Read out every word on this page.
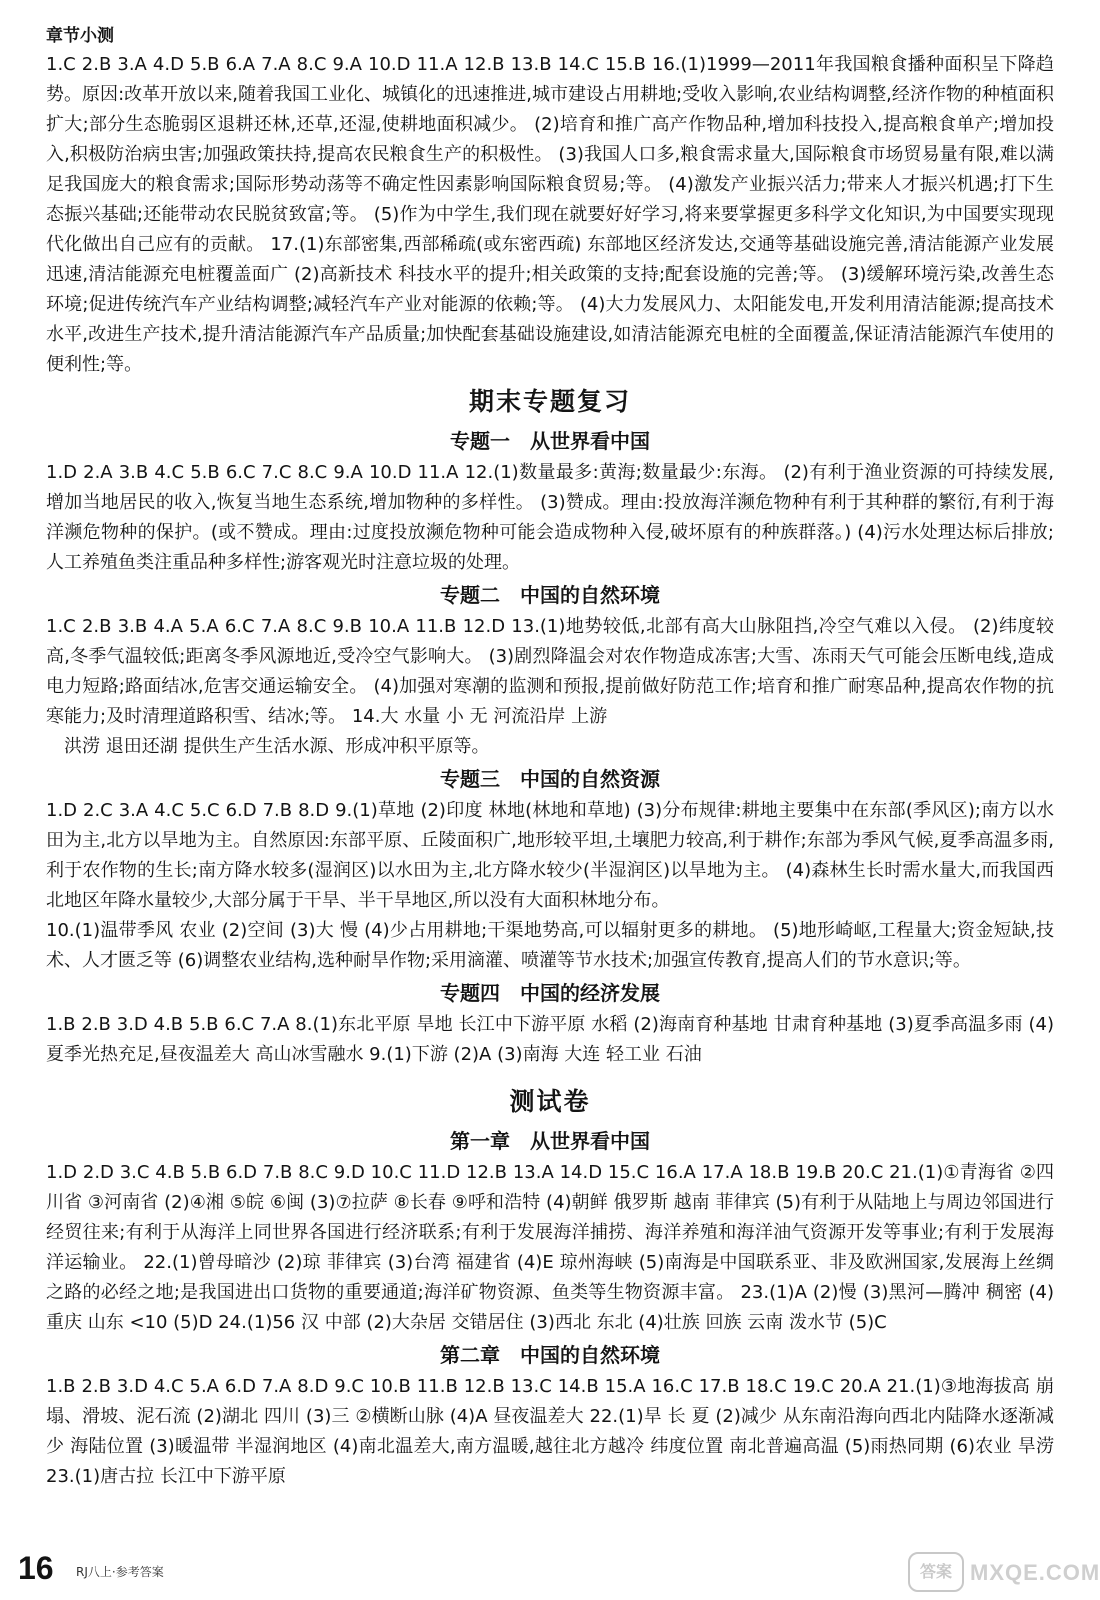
章节小测

1.C 2.B 3.A 4.D 5.B 6.A 7.A 8.C 9.A 10.D 11.A 12.B 13.B 14.C 15.B 16.(1)1999—2011年我国粮食播种面积呈下降趋势。原因:改革开放以来,随着我国工业化、城镇化的迅速推进,城市建设占用耕地;受收入影响,农业结构调整,经济作物的种植面积扩大;部分生态脆弱区退耕还林,还草,还湿,使耕地面积减少。 (2)培育和推广高产作物品种,增加科技投入,提高粮食单产;增加投入,积极防治病虫害;加强政策扶持,提高农民粮食生产的积极性。 (3)我国人口多,粮食需求量大,国际粮食市场贸易量有限,难以满足我国庞大的粮食需求;国际形势动荡等不确定性因素影响国际粮食贸易;等。 (4)激发产业振兴活力;带来人才振兴机遇;打下生态振兴基础;还能带动农民脱贫致富;等。 (5)作为中学生,我们现在就要好好学习,将来要掌握更多科学文化知识,为中国要实现现代化做出自己应有的贡献。 17.(1)东部密集,西部稀疏(或东密西疏) 东部地区经济发达,交通等基础设施完善,清洁能源产业发展迅速,清洁能源充电桩覆盖面广 (2)高新技术 科技水平的提升;相关政策的支持;配套设施的完善;等。 (3)缓解环境污染,改善生态环境;促进传统汽车产业结构调整;减轻汽车产业对能源的依赖;等。 (4)大力发展风力、太阳能发电,开发利用清洁能源;提高技术水平,改进生产技术,提升清洁能源汽车产品质量;加快配套基础设施建设,如清洁能源充电桩的全面覆盖,保证清洁能源汽车使用的便利性;等。

期末专题复习
专题一　从世界看中国

1.D 2.A 3.B 4.C 5.B 6.C 7.C 8.C 9.A 10.D 11.A 12.(1)数量最多:黄海;数量最少:东海。 (2)有利于渔业资源的可持续发展,增加当地居民的收入,恢复当地生态系统,增加物种的多样性。 (3)赞成。理由:投放海洋濒危物种有利于其种群的繁衍,有利于海洋濒危物种的保护。(或不赞成。理由:过度投放濒危物种可能会造成物种入侵,破坏原有的种族群落。) (4)污水处理达标后排放;人工养殖鱼类注重品种多样性;游客观光时注意垃圾的处理。

专题二　中国的自然环境

1.C 2.B 3.B 4.A 5.A 6.C 7.A 8.C 9.B 10.A 11.B 12.D 13.(1)地势较低,北部有高大山脉阻挡,冷空气难以入侵。 (2)纬度较高,冬季气温较低;距离冬季风源地近,受冷空气影响大。 (3)剧烈降温会对农作物造成冻害;大雪、冻雨天气可能会压断电线,造成电力短路;路面结冰,危害交通运输安全。 (4)加强对寒潮的监测和预报,提前做好防范工作;培育和推广耐寒品种,提高农作物的抗寒能力;及时清理道路积雪、结冰;等。 14.大 水量 小 无 河流沿岸 上游

洪涝 退田还湖 提供生产生活水源、形成冲积平原等。

专题三　中国的自然资源

1.D 2.C 3.A 4.C 5.C 6.D 7.B 8.D 9.(1)草地 (2)印度 林地(林地和草地) (3)分布规律:耕地主要集中在东部(季风区);南方以水田为主,北方以旱地为主。自然原因:东部平原、丘陵面积广,地形较平坦,土壤肥力较高,利于耕作;东部为季风气候,夏季高温多雨,利于农作物的生长;南方降水较多(湿润区)以水田为主,北方降水较少(半湿润区)以旱地为主。 (4)森林生长时需水量大,而我国西北地区年降水量较少,大部分属于干旱、半干旱地区,所以没有大面积林地分布。

10.(1)温带季风 农业 (2)空间 (3)大 慢 (4)少占用耕地;干渠地势高,可以辐射更多的耕地。 (5)地形崎岖,工程量大;资金短缺,技术、人才匮乏等 (6)调整农业结构,选种耐旱作物;采用滴灌、喷灌等节水技术;加强宣传教育,提高人们的节水意识;等。

专题四　中国的经济发展

1.B 2.B 3.D 4.B 5.B 6.C 7.A 8.(1)东北平原 旱地 长江中下游平原 水稻 (2)海南育种基地 甘肃育种基地 (3)夏季高温多雨 (4)夏季光热充足,昼夜温差大 高山冰雪融水 9.(1)下游 (2)A (3)南海 大连 轻工业 石油

测试卷
第一章　从世界看中国

1.D 2.D 3.C 4.B 5.B 6.D 7.B 8.C 9.D 10.C 11.D 12.B 13.A 14.D 15.C 16.A 17.A 18.B 19.B 20.C 21.(1)①青海省 ②四川省 ③河南省 (2)④湘 ⑤皖 ⑥闽 (3)⑦拉萨 ⑧长春 ⑨呼和浩特 (4)朝鲜 俄罗斯 越南 菲律宾 (5)有利于从陆地上与周边邻国进行经贸往来;有利于从海洋上同世界各国进行经济联系;有利于发展海洋捕捞、海洋养殖和海洋油气资源开发等事业;有利于发展海洋运输业。 22.(1)曾母暗沙 (2)琼 菲律宾 (3)台湾 福建省 (4)E 琼州海峡 (5)南海是中国联系亚、非及欧洲国家,发展海上丝绸之路的必经之地;是我国进出口货物的重要通道;海洋矿物资源、鱼类等生物资源丰富。 23.(1)A (2)慢 (3)黑河—腾冲 稠密 (4)重庆 山东 <10 (5)D 24.(1)56 汉 中部 (2)大杂居 交错居住 (3)西北 东北 (4)壮族 回族 云南 泼水节 (5)C

第二章　中国的自然环境

1.B 2.B 3.D 4.C 5.A 6.D 7.A 8.D 9.C 10.B 11.B 12.B 13.C 14.B 15.A 16.C 17.B 18.C 19.C 20.A 21.(1)③地海拔高 崩塌、滑坡、泥石流 (2)湖北 四川 (3)三 ②横断山脉 (4)A 昼夜温差大 22.(1)旱 长 夏 (2)减少 从东南沿海向西北内陆降水逐渐减少 海陆位置 (3)暖温带 半湿润地区 (4)南北温差大,南方温暖,越往北方越冷 纬度位置 南北普遍高温 (5)雨热同期 (6)农业 旱涝 23.(1)唐古拉 长江中下游平原

16 RJ八上·参考答案	答案 MXQE.COM
